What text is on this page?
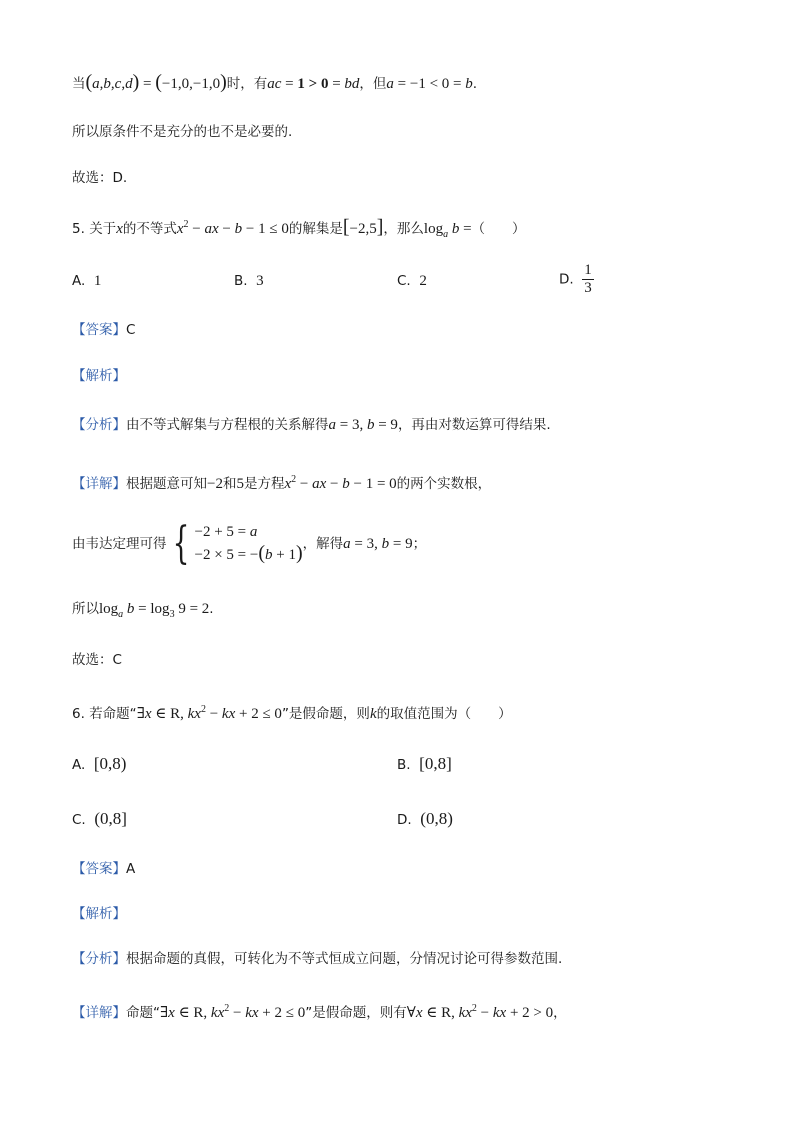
当(a,b,c,d) = (−1,0,−1,0)时，有ac = 1 > 0 = bd，但a = −1 < 0 = b.
所以原条件不是充分的也不是必要的.
故选：D.
5. 关于x的不等式$x^2$ − ax − b − 1 ≤ 0的解集是[−2,5]，那么$\log_a b$ =（　　）
A. 1	B. 3	C. 2	D. $\frac{1}{3}$
【答案】C
【解析】
【分析】由不等式解集与方程根的关系解得a = 3, b = 9，再由对数运算可得结果.
【详解】根据题意可知−2和5是方程$x^2$ − ax − b − 1 = 0的两个实数根，
由韦达定理可得 { −2 + 5 = a
−2 × 5 = −(b + 1) ，解得a = 3, b = 9；
所以$\log_a b = \log_3 9 = 2$.
故选：C
6. 若命题“∃x ∈ R, $kx^2$ − kx + 2 ≤ 0”是假命题，则k的取值范围为（　　）
A. [0,8)	B. [0,8]
C. (0,8]	D. (0,8)
【答案】A
【解析】
【分析】根据命题的真假，可转化为不等式恒成立问题，分情况讨论可得参数范围.
【详解】命题“∃x ∈ R, $kx^2$ − kx + 2 ≤ 0”是假命题，则有∀x ∈ R, $kx^2$ − kx + 2 > 0，
